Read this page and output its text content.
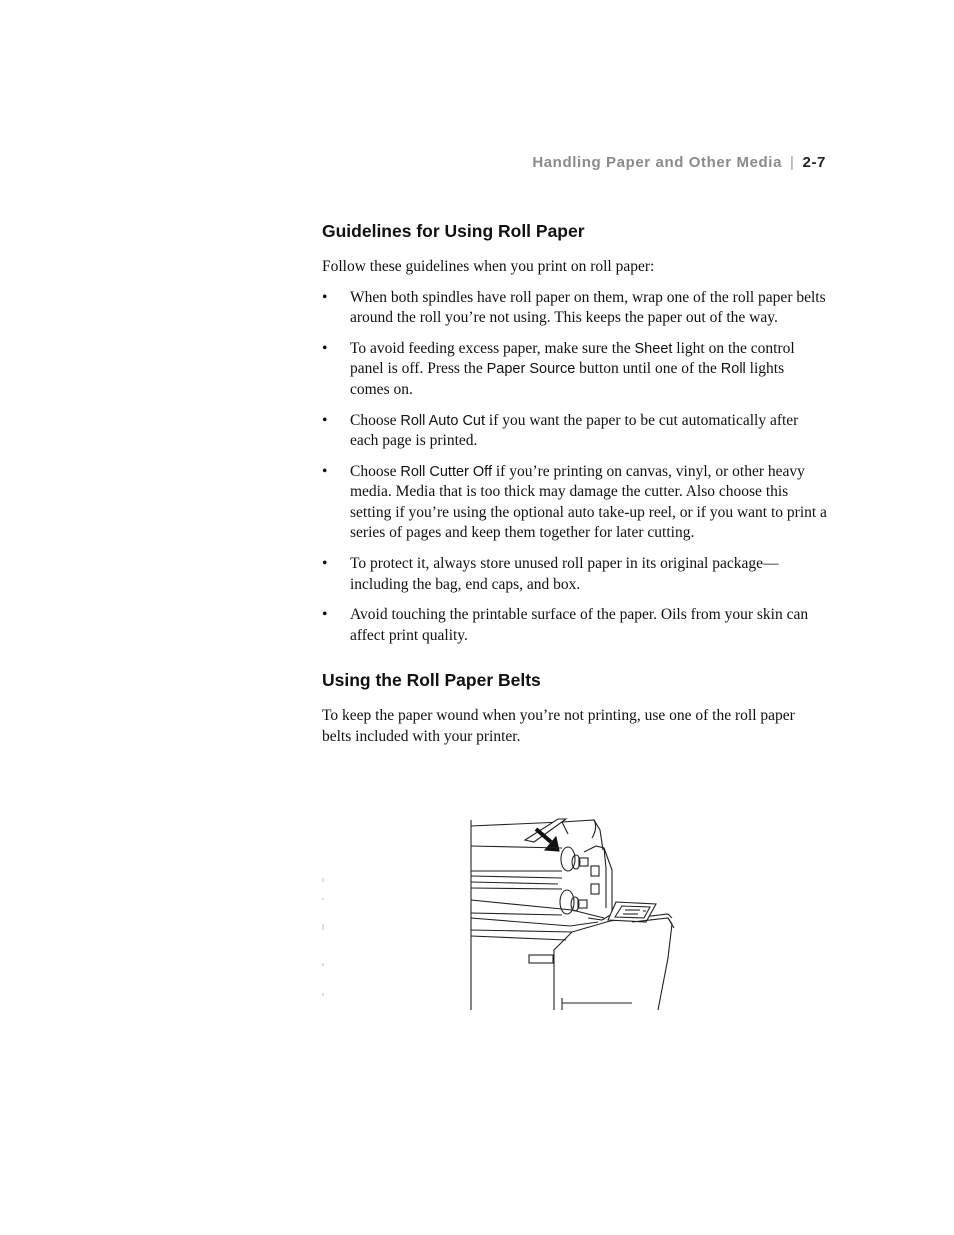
Handling Paper and Other Media | 2-7
Guidelines for Using Roll Paper

Follow these guidelines when you print on roll paper:

• When both spindles have roll paper on them, wrap one of the roll paper belts around the roll you’re not using. This keeps the paper out of the way.
• To avoid feeding excess paper, make sure the Sheet light on the control panel is off. Press the Paper Source button until one of the Roll lights comes on.
• Choose Roll Auto Cut if you want the paper to be cut automatically after each page is printed.
• Choose Roll Cutter Off if you’re printing on canvas, vinyl, or other heavy media. Media that is too thick may damage the cutter. Also choose this setting if you’re using the optional auto take-up reel, or if you want to print a series of pages and keep them together for later cutting.
• To protect it, always store unused roll paper in its original package—including the bag, end caps, and box.
• Avoid touching the printable surface of the paper. Oils from your skin can affect print quality.
Using the Roll Paper Belts

To keep the paper wound when you’re not printing, use one of the roll paper belts included with your printer.
